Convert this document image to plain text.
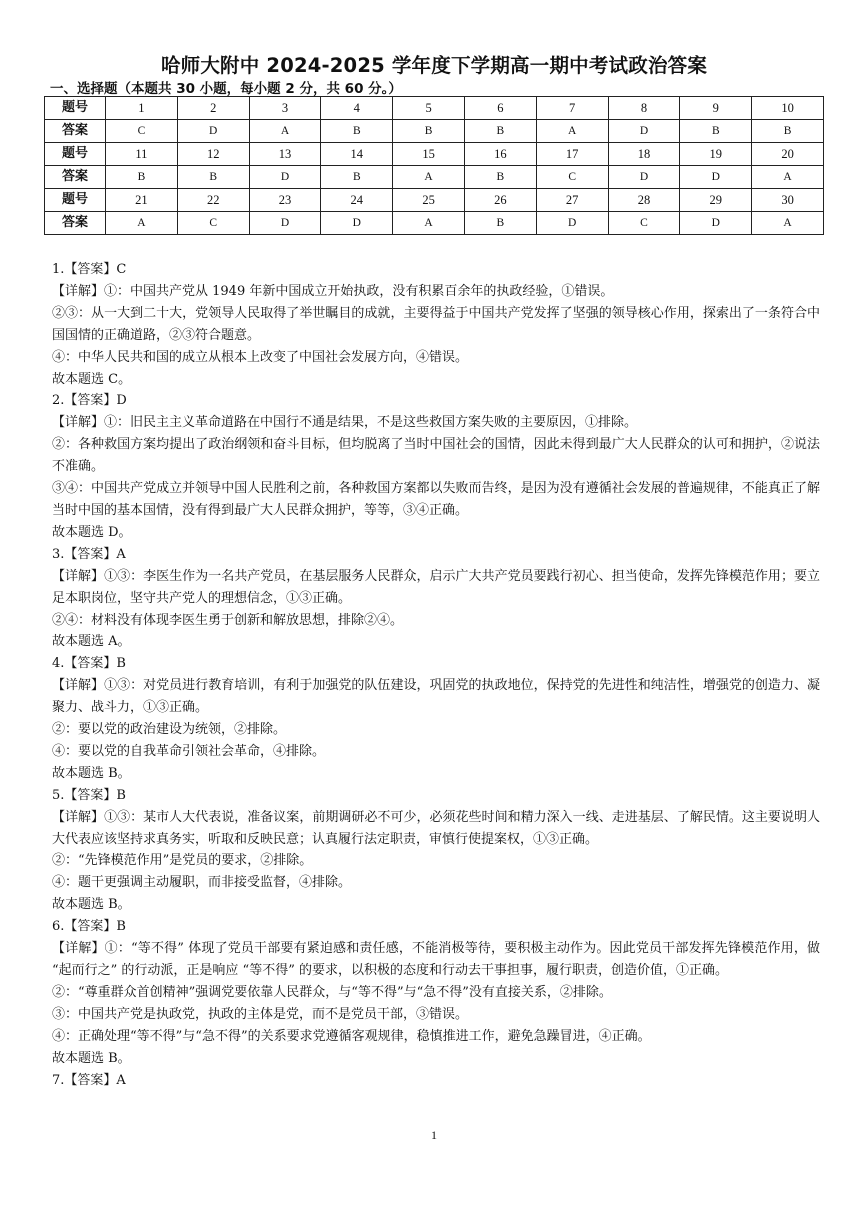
哈师大附中 2024-2025 学年度下学期高一期中考试政治答案
一、选择题（本题共 30 小题，每小题 2 分，共 60 分。）
题号	1	2	3	4	5	6	7	8	9	10
答案	C	D	A	B	B	B	A	D	B	B
题号	11	12	13	14	15	16	17	18	19	20
答案	B	B	D	B	A	B	C	D	D	A
题号	21	22	23	24	25	26	27	28	29	30
答案	A	C	D	D	A	B	D	C	D	A

1.【答案】C

【详解】①：中国共产党从 1949 年新中国成立开始执政，没有积累百余年的执政经验，①错误。

②③：从一大到二十大，党领导人民取得了举世瞩目的成就，主要得益于中国共产党发挥了坚强的领导核心作用，探索出了一条符合中国国情的正确道路，②③符合题意。

④：中华人民共和国的成立从根本上改变了中国社会发展方向，④错误。

故本题选 C。

2.【答案】D

【详解】①：旧民主主义革命道路在中国行不通是结果，不是这些救国方案失败的主要原因，①排除。

②：各种救国方案均提出了政治纲领和奋斗目标，但均脱离了当时中国社会的国情，因此未得到最广大人民群众的认可和拥护，②说法不准确。

③④：中国共产党成立并领导中国人民胜利之前，各种救国方案都以失败而告终，是因为没有遵循社会发展的普遍规律，不能真正了解当时中国的基本国情，没有得到最广大人民群众拥护，等等，③④正确。

故本题选 D。

3.【答案】A

【详解】①③：李医生作为一名共产党员，在基层服务人民群众，启示广大共产党员要践行初心、担当使命，发挥先锋模范作用；要立足本职岗位，坚守共产党人的理想信念，①③正确。

②④：材料没有体现李医生勇于创新和解放思想，排除②④。

故本题选 A。

4.【答案】B

【详解】①③：对党员进行教育培训，有利于加强党的队伍建设，巩固党的执政地位，保持党的先进性和纯洁性，增强党的创造力、凝聚力、战斗力，①③正确。

②：要以党的政治建设为统领，②排除。

④：要以党的自我革命引领社会革命，④排除。

故本题选 B。

5.【答案】B

【详解】①③：某市人大代表说，准备议案，前期调研必不可少，必须花些时间和精力深入一线、走进基层、了解民情。这主要说明人大代表应该坚持求真务实，听取和反映民意；认真履行法定职责，审慎行使提案权，①③正确。

②：“先锋模范作用”是党员的要求，②排除。

④：题干更强调主动履职，而非接受监督，④排除。

故本题选 B。

6.【答案】B

【详解】①：“等不得” 体现了党员干部要有紧迫感和责任感，不能消极等待，要积极主动作为。因此党员干部发挥先锋模范作用，做 “起而行之” 的行动派，正是响应 “等不得” 的要求，以积极的态度和行动去干事担事，履行职责，创造价值，①正确。

②：“尊重群众首创精神”强调党要依靠人民群众，与“等不得”与“急不得”没有直接关系，②排除。

③：中国共产党是执政党，执政的主体是党，而不是党员干部，③错误。

④：正确处理“等不得”与“急不得”的关系要求党遵循客观规律，稳慎推进工作，避免急躁冒进，④正确。

故本题选 B。

7.【答案】A

1
